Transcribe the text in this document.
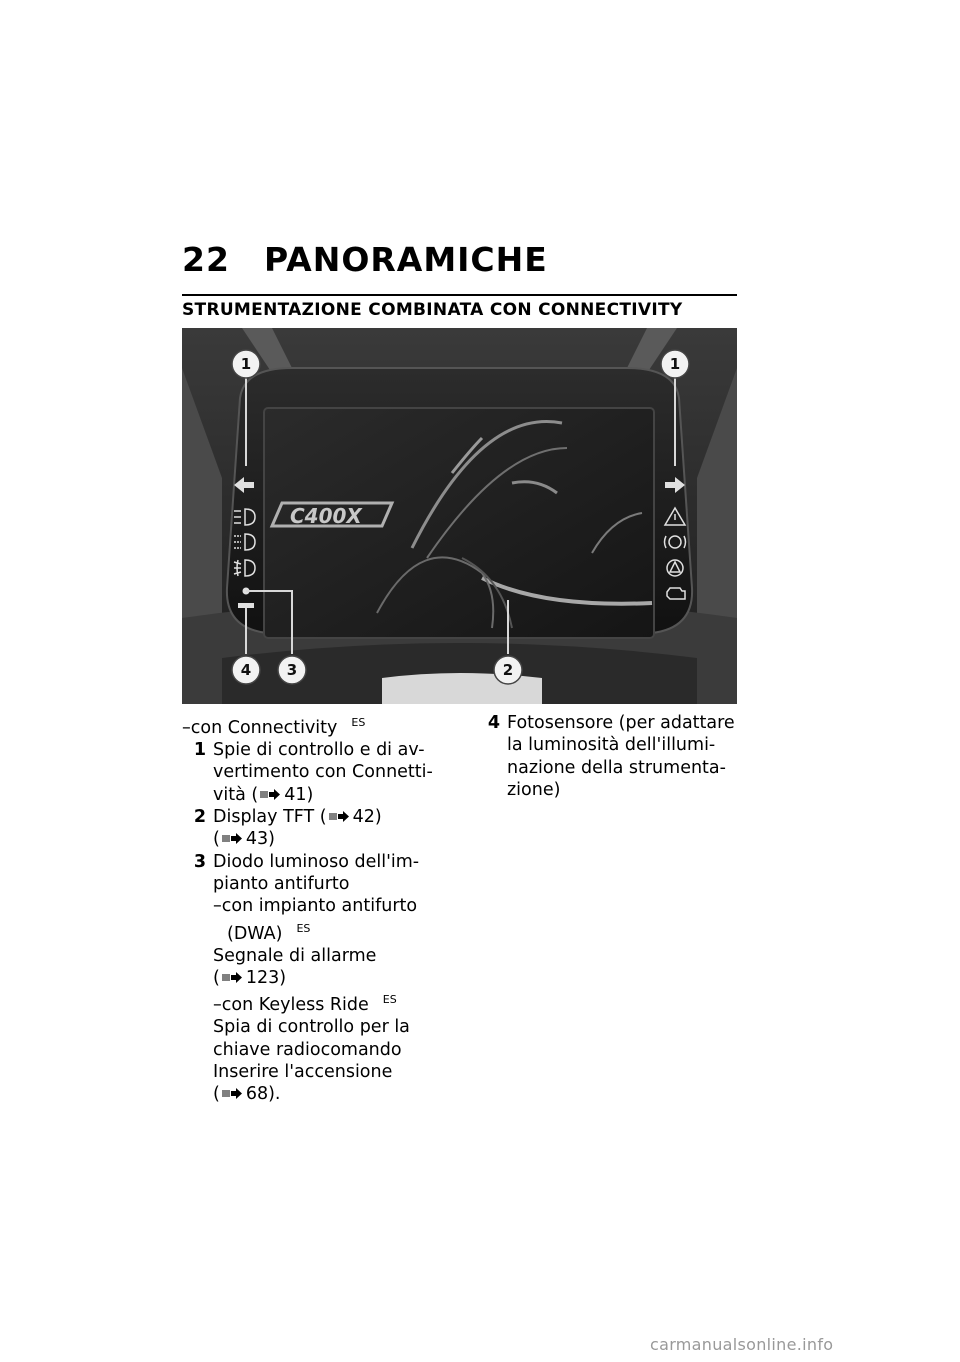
22 PANORAMICHE
STRUMENTAZIONE COMBINATA CON CONNECTIVITY
C400X
1	1
2
3
4
–con Connectivity $^{ES}$
1 Spie di controllo e di av-
vertimento con Connetti-
vità ( 41)
2 Display TFT ( 42)
( 43)
3 Diodo luminoso dell'im-
pianto antifurto
–con impianto antifurto
(DWA) $^{ES}$
Segnale di allarme
( 123)
–con Keyless Ride $^{ES}$
Spia di controllo per la
chiave radiocomando
Inserire l'accensione
( 68).
4 Fotosensore (per adattare
la luminosità dell'illumi-
nazione della strumenta-
zione)
carmanualsonline.info
